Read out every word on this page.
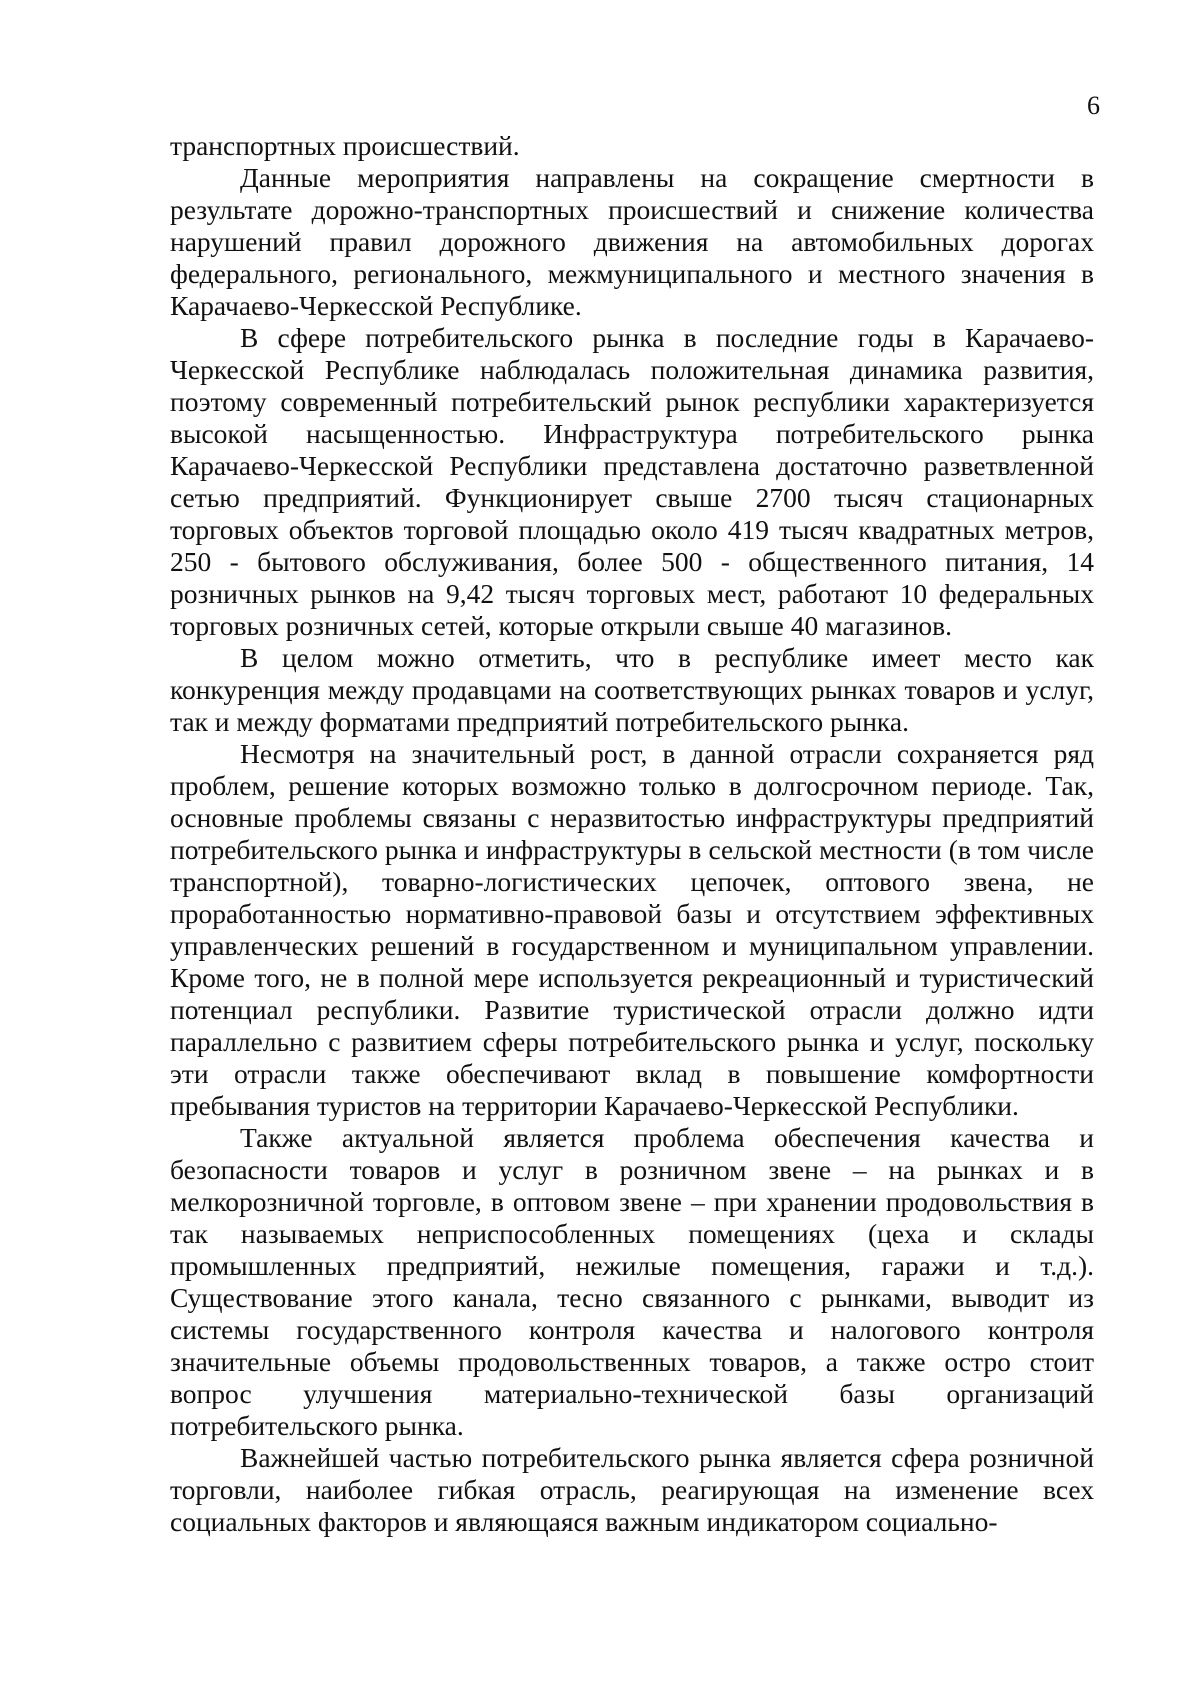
6

транспортных происшествий.

Данные мероприятия направлены на сокращение смертности в результате дорожно-транспортных происшествий и снижение количества нарушений правил дорожного движения на автомобильных дорогах федерального, регионального, межмуниципального и местного значения в Карачаево-Черкесской Республике.

В сфере потребительского рынка в последние годы в Карачаево-Черкесской Республике наблюдалась положительная динамика развития, поэтому современный потребительский рынок республики характеризуется высокой насыщенностью. Инфраструктура потребительского рынка Карачаево-Черкесской Республики представлена достаточно разветвленной сетью предприятий. Функционирует свыше 2700 тысяч стационарных торговых объектов торговой площадью около 419 тысяч квадратных метров, 250 - бытового обслуживания, более 500 - общественного питания, 14 розничных рынков на 9,42 тысяч торговых мест, работают 10 федеральных торговых розничных сетей, которые открыли свыше 40 магазинов.

В целом можно отметить, что в республике имеет место как конкуренция между продавцами на соответствующих рынках товаров и услуг, так и между форматами предприятий потребительского рынка.

Несмотря на значительный рост, в данной отрасли сохраняется ряд проблем, решение которых возможно только в долгосрочном периоде. Так, основные проблемы связаны с неразвитостью инфраструктуры предприятий потребительского рынка и инфраструктуры в сельской местности (в том числе транспортной), товарно-логистических цепочек, оптового звена, не проработанностью нормативно-правовой базы и отсутствием эффективных управленческих решений в государственном и муниципальном управлении. Кроме того, не в полной мере используется рекреационный и туристический потенциал республики. Развитие туристической отрасли должно идти параллельно с развитием сферы потребительского рынка и услуг, поскольку эти отрасли также обеспечивают вклад в повышение комфортности пребывания туристов на территории Карачаево-Черкесской Республики.

Также актуальной является проблема обеспечения качества и безопасности товаров и услуг в розничном звене – на рынках и в мелкорозничной торговле, в оптовом звене – при хранении продовольствия в так называемых неприспособленных помещениях (цеха и склады промышленных предприятий, нежилые помещения, гаражи и т.д.). Существование этого канала, тесно связанного с рынками, выводит из системы государственного контроля качества и налогового контроля значительные объемы продовольственных товаров, а также остро стоит вопрос улучшения материально-технической базы организаций потребительского рынка.

Важнейшей частью потребительского рынка является сфера розничной торговли, наиболее гибкая отрасль, реагирующая на изменение всех социальных факторов и являющаяся важным индикатором социально-
